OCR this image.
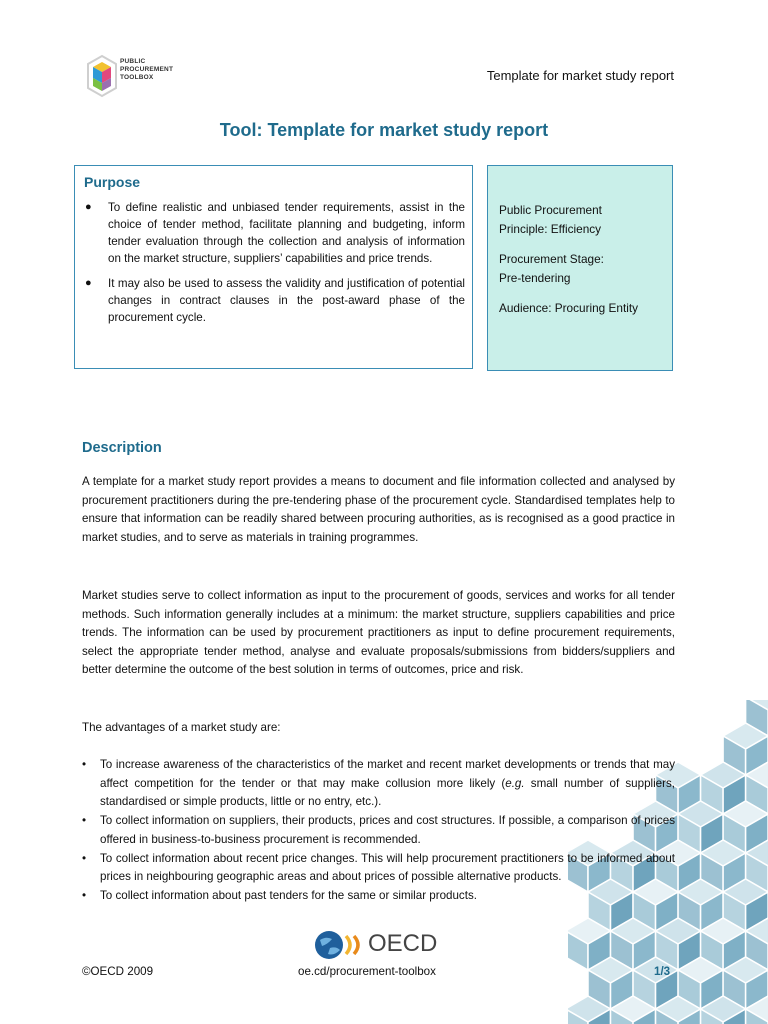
PUBLIC
PROCUREMENT
TOOLBOX	Template for market study report
Tool: Template for market study report
Purpose
● To define realistic and unbiased tender requirements, assist in the choice of tender method, facilitate planning and budgeting, inform tender evaluation through the collection and analysis of information on the market structure, suppliers’ capabilities and price trends.
● It may also be used to assess the validity and justification of potential changes in contract clauses in the post-award phase of the procurement cycle.
Public Procurement
Principle: Efficiency
Procurement Stage:
Pre-tendering
Audience: Procuring Entity
Description
A template for a market study report provides a means to document and file information collected and analysed by procurement practitioners during the pre-tendering phase of the procurement cycle. Standardised templates help to ensure that information can be readily shared between procuring authorities, as is recognised as a good practice in market studies, and to serve as materials in training programmes.
Market studies serve to collect information as input to the procurement of goods, services and works for all tender methods. Such information generally includes at a minimum: the market structure, suppliers capabilities and price trends. The information can be used by procurement practitioners as input to define procurement requirements, select the appropriate tender method, analyse and evaluate proposals/submissions from bidders/suppliers and better determine the outcome of the best solution in terms of outcomes, price and risk.
The advantages of a market study are:
• To increase awareness of the characteristics of the market and recent market developments or trends that may affect competition for the tender or that may make collusion more likely (e.g. small number of suppliers, standardised or simple products, little or no entry, etc.).
• To collect information on suppliers, their products, prices and cost structures. If possible, a comparison of prices offered in business-to-business procurement is recommended.
• To collect information about recent price changes. This will help procurement practitioners to be informed about prices in neighbouring geographic areas and about prices of possible alternative products.
• To collect information about past tenders for the same or similar products.
OECD
©OECD 2009	oe.cd/procurement-toolbox	1/3
